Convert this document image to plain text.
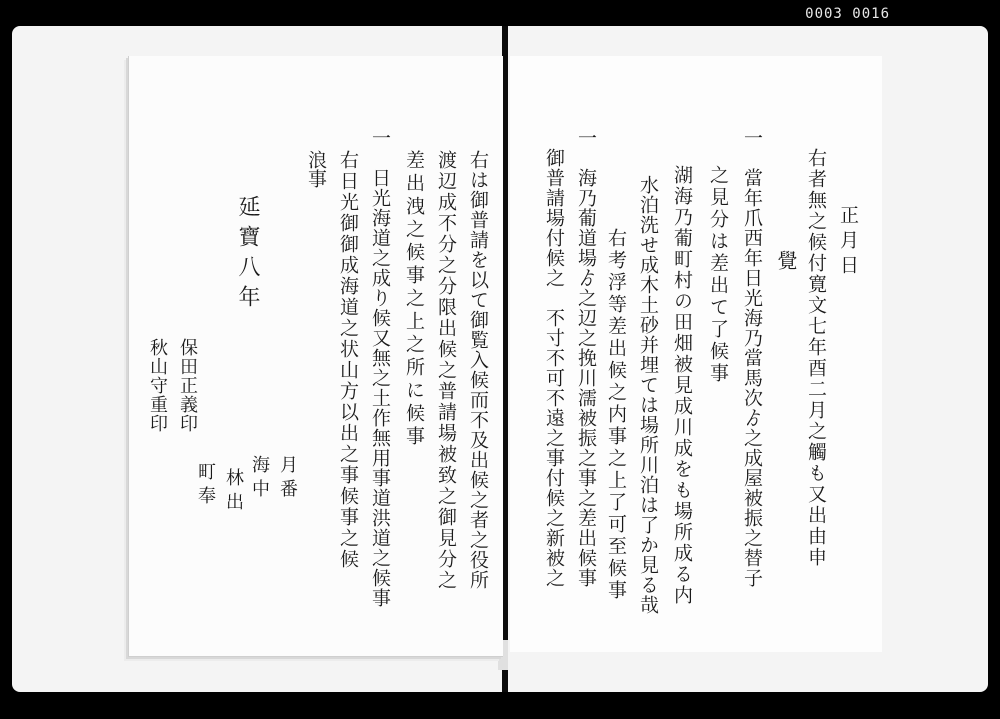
0003 0016
正月日
右者無之候付寛文七年酉二月之觸も又出由申
覺
一　當年爪西年日光海乃當馬次ゟ之成屋被振之替子
之見分は差出て了候事
湖海乃葡町村の田畑被見成川成をも場所成る内
水泊洗せ成木土砂并埋ては場所川泊は了か見る哉
右考浮等差出候之内事之上了可至候事
一　海乃葡道場ゟ之辺之挽川濡被振之事之差出候事
御普請場付候之　不寸不可不遠之事付候之新被之
右は御普請を以て御覧入候而不及出候之者之役所
渡辺成不分之分限出候之普請場被致之御見分之
差出洩之候事之上之所に候事
一　日光海道之成り候又無之土作無用事道洪道之候事
右日光御御成海道之状山方以出之事候事之候
浪事
延寶八年
月番
海中
林出
町奉
保田正義印
秋山守重印
